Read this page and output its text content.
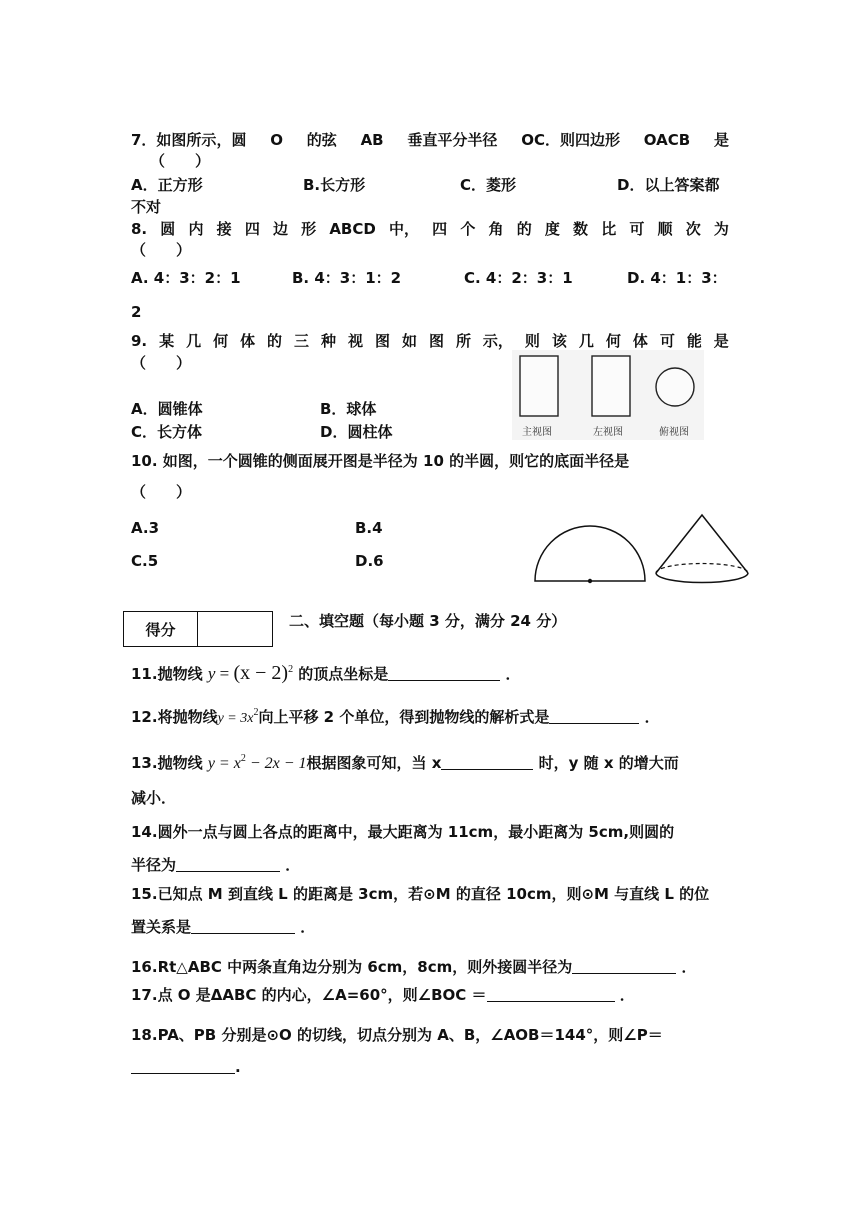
7．如图所示，圆 O 的弦 AB 垂直平分半径 OC．则四边形 OACB 是
（　　）
A．正方形	B.长方形	C．菱形	D．以上答案都
不对
8. 圆 内 接 四 边 形 ABCD 中， 四 个 角 的 度 数 比 可 顺 次 为
（　　）
A. 4：3：2：1	B. 4：3：1：2	C. 4：2：3：1	D. 4：1：3：
2
9. 某 几 何 体 的 三 种 视 图 如 图 所 示， 则 该 几 何 体 可 能 是
（　　）
A．圆锥体	B．球体
C．长方体	D．圆柱体	主视图	左视图	俯视图
10. 如图，一个圆锥的侧面展开图是半径为 10 的半圆，则它的底面半径是
（　　）
A.3	B.4
C.5	D.6
得分	二、填空题（每小题 3 分，满分 24 分）
11.抛物线 $y = (x - 2)^2$ 的顶点坐标是	．
12.将抛物线$y = 3x^2$向上平移 2 个单位，得到抛物线的解析式是	．
13.抛物线 $y = x^2 - 2x - 1$根据图象可知，当 x	时，y 随 x 的增大而
减小．
14.圆外一点与圆上各点的距离中，最大距离为 11cm，最小距离为 5cm,则圆的
半径为	．
15.已知点 M 到直线 L 的距离是 3cm，若⊙M 的直径 10cm，则⊙M 与直线 L 的位
置关系是	．
16.Rt△ABC 中两条直角边分别为 6cm，8cm，则外接圆半径为	．
17.点 O 是ΔABC 的内心，∠A=60°，则∠BOC ＝	．
18.PA、PB 分别是⊙O 的切线，切点分别为 A、B，∠AOB＝144°，则∠P＝
.
